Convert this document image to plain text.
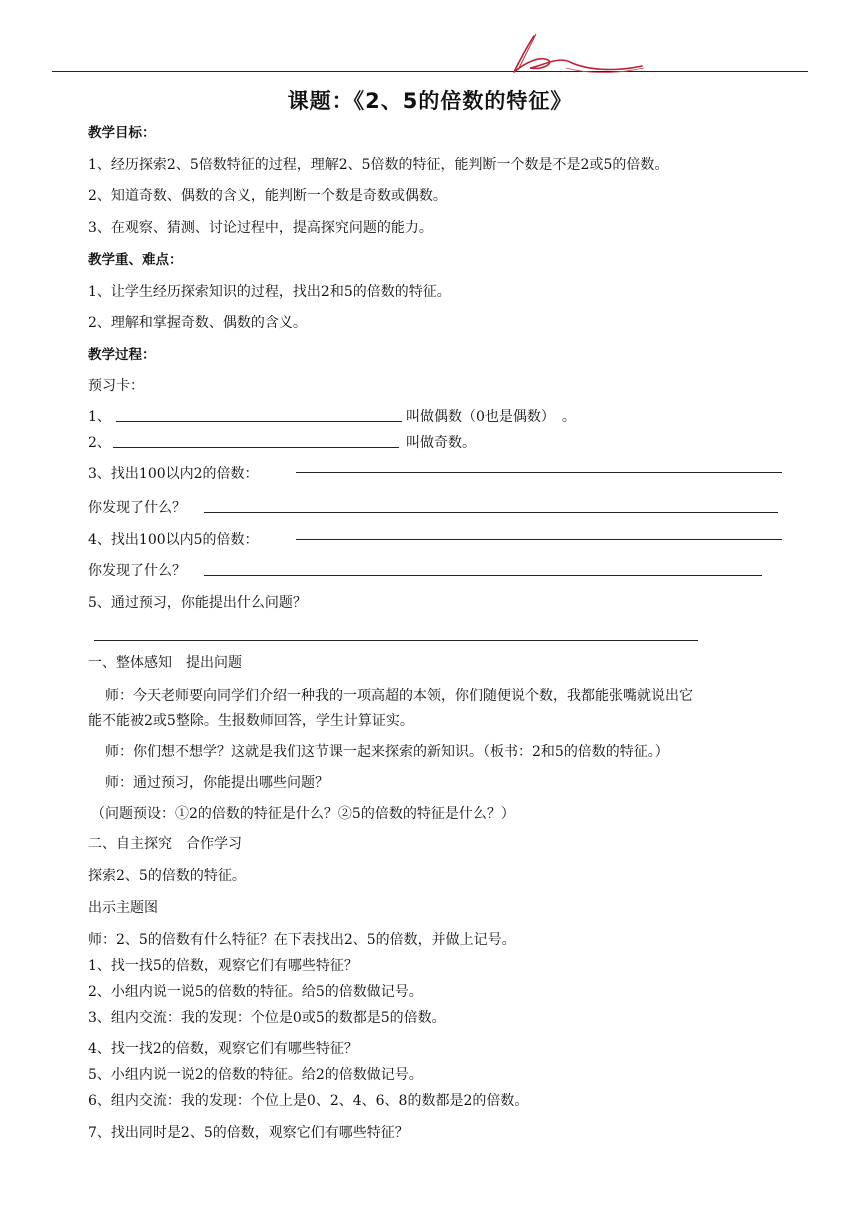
课题：《2、5的倍数的特征》
教学目标：
1、经历探索2、5倍数特征的过程，理解2、5倍数的特征，能判断一个数是不是2或5的倍数。
2、知道奇数、偶数的含义，能判断一个数是奇数或偶数。
3、在观察、猜测、讨论过程中，提高探究问题的能力。
教学重、难点：
1、让学生经历探索知识的过程，找出2和5的倍数的特征。
2、理解和掌握奇数、偶数的含义。
教学过程：
预习卡：
1、	叫做偶数（0也是偶数）　。
2、	叫做奇数。
3、找出100以内2的倍数：
你发现了什么？
4、找出100以内5的倍数：
你发现了什么？
5、通过预习，你能提出什么问题？
一、整体感知　提出问题
师：今天老师要向同学们介绍一种我的一项高超的本领，你们随便说个数，我都能张嘴就说出它
能不能被2或5整除。生报数师回答，学生计算证实。
师：你们想不想学？这就是我们这节课一起来探索的新知识。（板书：2和5的倍数的特征。）
师：通过预习，你能提出哪些问题？
（问题预设：①2的倍数的特征是什么？②5的倍数的特征是什么？）
二、自主探究　合作学习
探索2、5的倍数的特征。
出示主题图
师：2、5的倍数有什么特征？在下表找出2、5的倍数，并做上记号。
1、找一找5的倍数，观察它们有哪些特征？
2、小组内说一说5的倍数的特征。给5的倍数做记号。
3、组内交流：我的发现：个位是0或5的数都是5的倍数。
4、找一找2的倍数，观察它们有哪些特征？
5、小组内说一说2的倍数的特征。给2的倍数做记号。
6、组内交流：我的发现：个位上是0、2、4、6、8的数都是2的倍数。
7、找出同时是2、5的倍数，观察它们有哪些特征？
